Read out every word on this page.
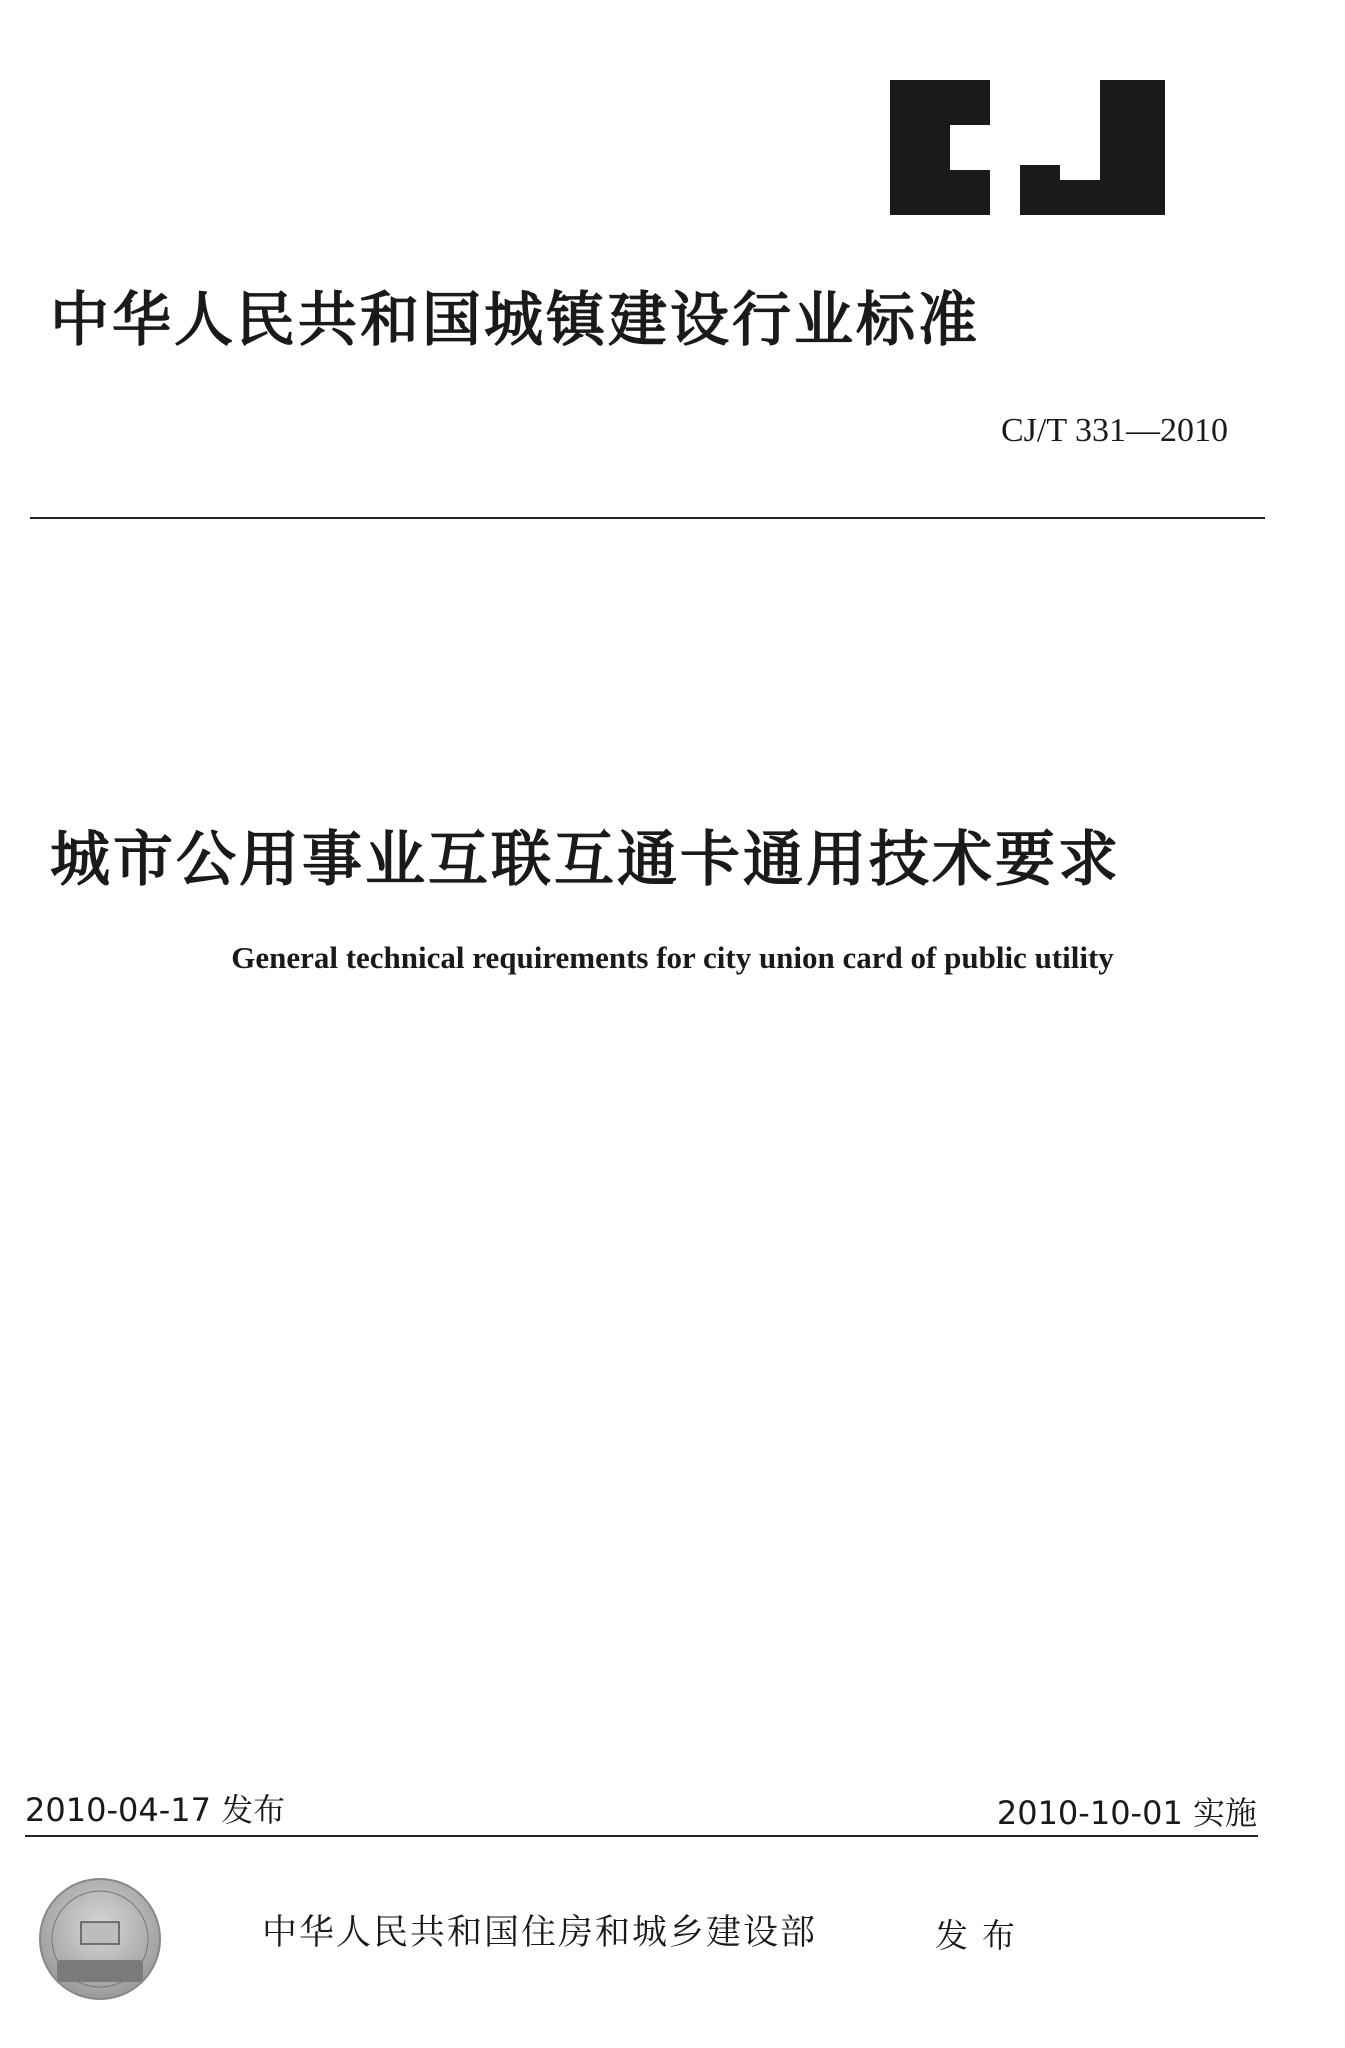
中华人民共和国城镇建设行业标准
CJ/T 331—2010
城市公用事业互联互通卡通用技术要求
General technical requirements for city union card of public utility
2010-04-17 发布	2010-10-01 实施
中华人民共和国住房和城乡建设部	发布
